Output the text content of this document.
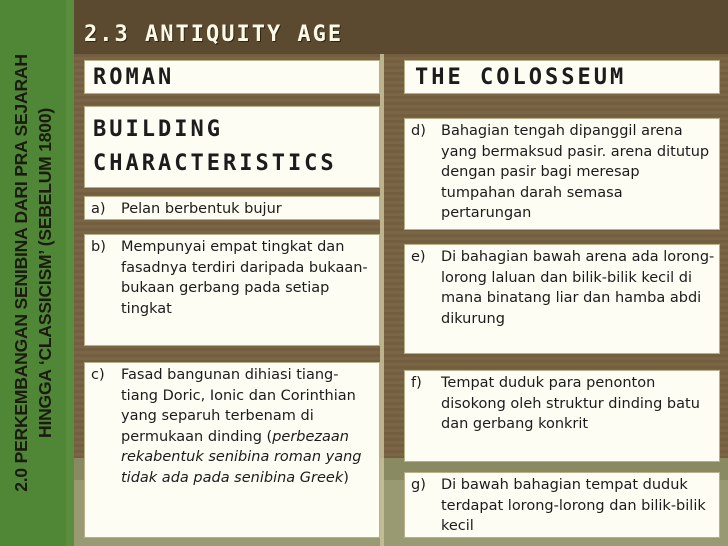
2.0 PERKEMBANGAN SENIBINA DARI PRA SEJARAH HINGGA ‘CLASSICISM’ (SEBELUM 1800)
2.3 ANTIQUITY AGE
ROMAN	THE COLOSSEUM
BUILDING
CHARACTERISTICS
a) Pelan berbentuk bujur
b) Mempunyai empat tingkat dan fasadnya terdiri daripada bukaan-bukaan gerbang pada setiap tingkat
c) Fasad bangunan dihiasi tiang-tiang Doric, Ionic dan Corinthian yang separuh terbenam di permukaan dinding (perbezaan rekabentuk senibina roman yang tidak ada pada senibina Greek)
d) Bahagian tengah dipanggil arena yang bermaksud pasir. arena ditutup dengan pasir bagi meresap tumpahan darah semasa pertarungan
e) Di bahagian bawah arena ada lorong-lorong laluan dan bilik-bilik kecil di mana binatang liar dan hamba abdi dikurung
f) Tempat duduk para penonton disokong oleh struktur dinding batu dan gerbang konkrit
g) Di bawah bahagian tempat duduk terdapat lorong-lorong dan bilik-bilik kecil
